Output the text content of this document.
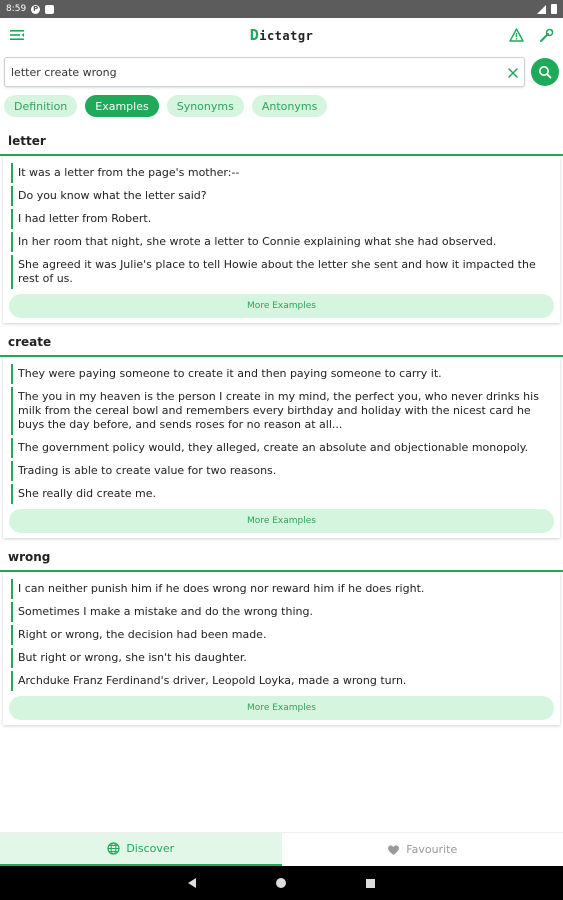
8:59 P
Dictatgr
letter create wrong
Definition	Examples	Synonyms	Antonyms
letter
It was a letter from the page's mother:--
Do you know what the letter said?
I had letter from Robert.
In her room that night, she wrote a letter to Connie explaining what she had observed.
She agreed it was Julie's place to tell Howie about the letter she sent and how it impacted the rest of us.
More Examples
create
They were paying someone to create it and then paying someone to carry it.
The you in my heaven is the person I create in my mind, the perfect you, who never drinks his milk from the cereal bowl and remembers every birthday and holiday with the nicest card he buys the day before, and sends roses for no reason at all...
The government policy would, they alleged, create an absolute and objectionable monopoly.
Trading is able to create value for two reasons.
She really did create me.
More Examples
wrong
I can neither punish him if he does wrong nor reward him if he does right.
Sometimes I make a mistake and do the wrong thing.
Right or wrong, the decision had been made.
But right or wrong, she isn't his daughter.
Archduke Franz Ferdinand's driver, Leopold Loyka, made a wrong turn.
More Examples
Discover	Favourite
